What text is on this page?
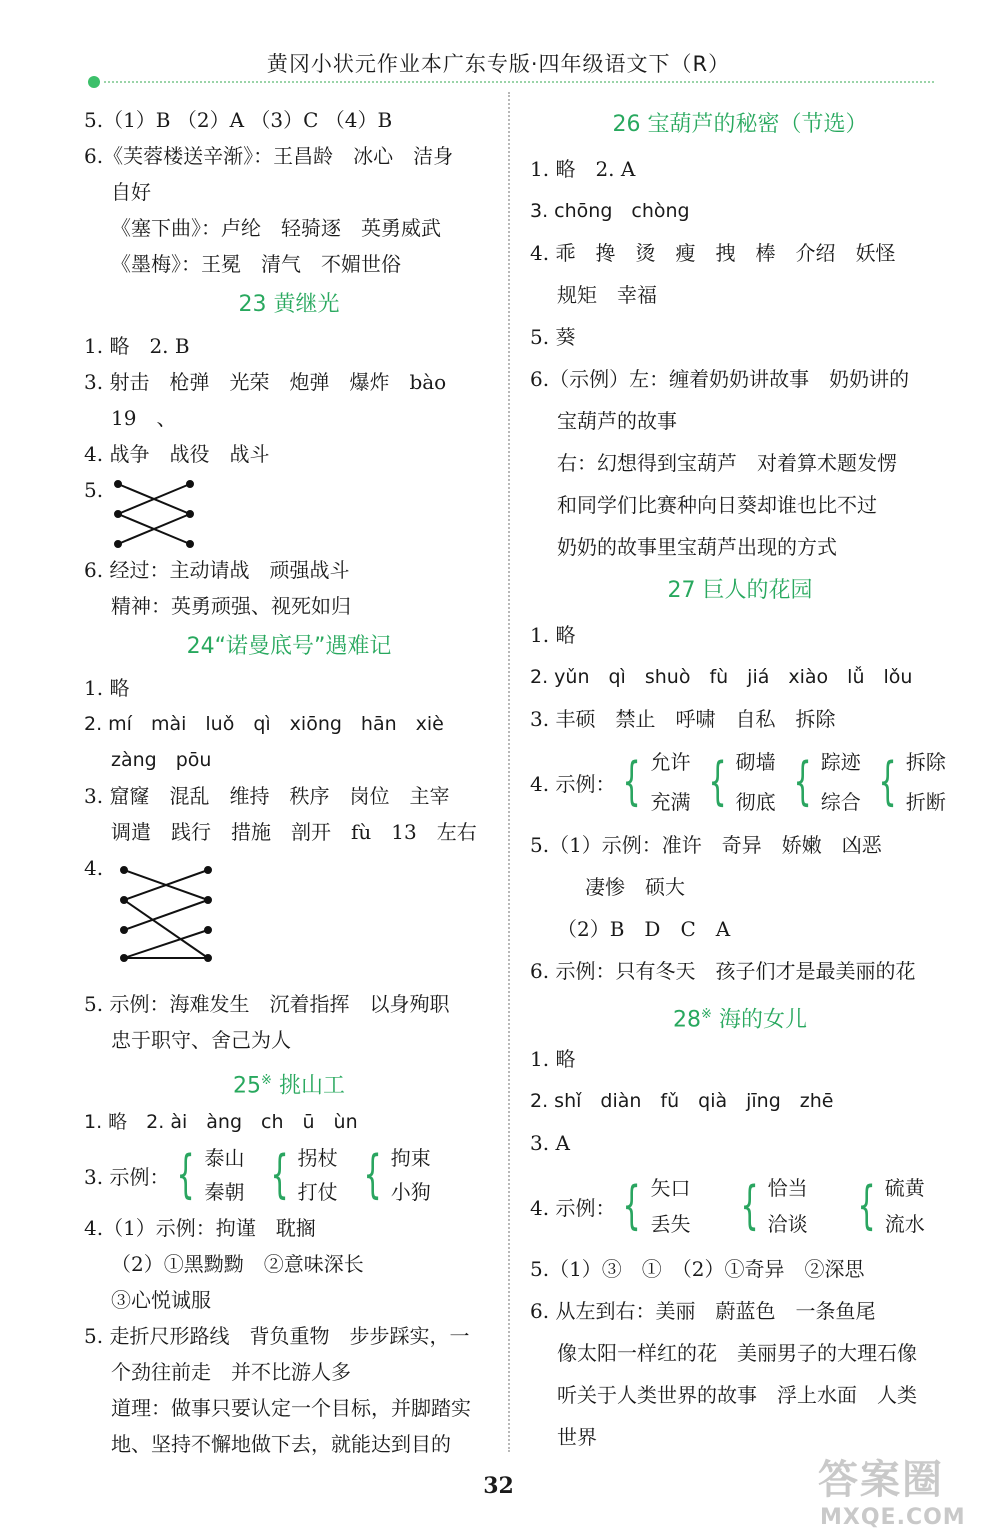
黄冈小状元作业本广东专版·四年级语文下（R）
5.（1）B （2）A （3）C （4）B
6.《芙蓉楼送辛渐》：王昌龄　冰心　洁身
自好
《塞下曲》：卢纶　轻骑逐　英勇威武
《墨梅》：王冕　清气　不媚世俗
23 黄继光
1. 略　2. B
3. 射击　枪弹　光荣　炮弹　爆炸　bào
19　、
4. 战争　战役　战斗
5.
6. 经过：主动请战　顽强战斗
精神：英勇顽强、视死如归
24“诺曼底号”遇难记
1. 略
2. mí　mài　luǒ　qì　xiōng　hān　xiè
zàng　pōu
3. 窟窿　混乱　维持　秩序　岗位　主宰
调遣　践行　措施　剖开　fù　13　左右
4.
5. 示例：海难发生　沉着指挥　以身殉职
忠于职守、舍己为人
25※ 挑山工
1. 略　2. ài　àng　ch　ū　ùn
3. 示例： { 泰山
秦朝 { 拐杖
打仗 { 拘束
小狗
4.（1）示例：拘谨　耽搁
（2）①黑黝黝　②意味深长
③心悦诚服
5. 走折尺形路线　背负重物　步步踩实，一
个劲往前走　并不比游人多
道理：做事只要认定一个目标，并脚踏实
地、坚持不懈地做下去，就能达到目的
26 宝葫芦的秘密（节选）
1. 略　2. A
3. chōng　chòng
4. 乖　搀　烫　瘦　拽　棒　介绍　妖怪
规矩　幸福
5. 葵
6.（示例）左：缠着奶奶讲故事　奶奶讲的
宝葫芦的故事
右：幻想得到宝葫芦　对着算术题发愣
和同学们比赛种向日葵却谁也比不过
奶奶的故事里宝葫芦出现的方式
27 巨人的花园
1. 略
2. yǔn　qì　shuò　fù　jiá　xiào　lǚ　lǒu
3. 丰硕　禁止　呼啸　自私　拆除
4. 示例： { 允许
充满 { 砌墙
彻底 { 踪迹
综合 { 拆除
折断
5.（1）示例：准许　奇异　娇嫩　凶恶
凄惨　硕大
（2）B　D　C　A
6. 示例：只有冬天　孩子们才是最美丽的花
28※ 海的女儿
1. 略
2. shǐ　diàn　fǔ　qià　jīng　zhē
3. A
4. 示例： { 矢口
丢失 { 恰当
洽谈 { 硫黄
流水
5.（1）③　①　（2）①奇异　②深思
6. 从左到右：美丽　蔚蓝色　一条鱼尾
像太阳一样红的花　美丽男子的大理石像
听关于人类世界的故事　浮上水面　人类
世界
32	答案圈
MXQE.COM
